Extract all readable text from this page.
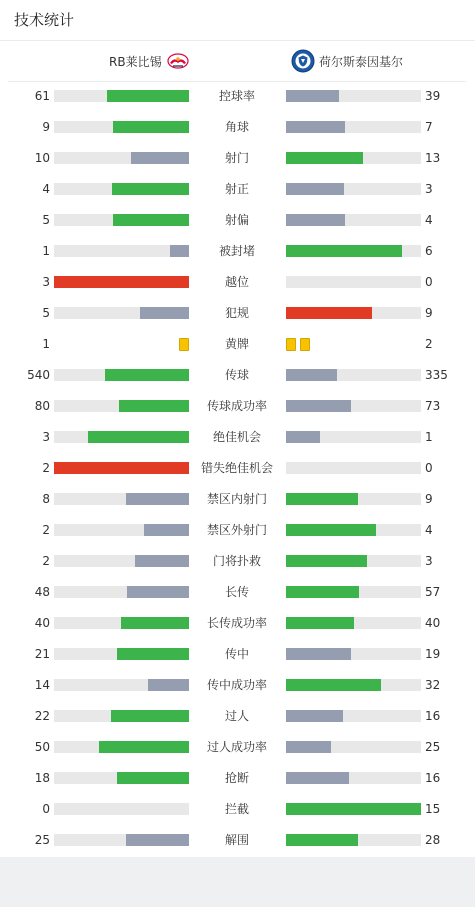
技术统计
RB莱比锡	荷尔斯泰因基尔
61	控球率	39
9	角球	7
10	射门	13
4	射正	3
5	射偏	4
1	被封堵	6
3	越位	0
5	犯规	9
1	黄牌	2
540	传球	335
80	传球成功率	73
3	绝佳机会	1
2	错失绝佳机会	0
8	禁区内射门	9
2	禁区外射门	4
2	门将扑救	3
48	长传	57
40	长传成功率	40
21	传中	19
14	传中成功率	32
22	过人	16
50	过人成功率	25
18	抢断	16
0	拦截	15
25	解围	28
